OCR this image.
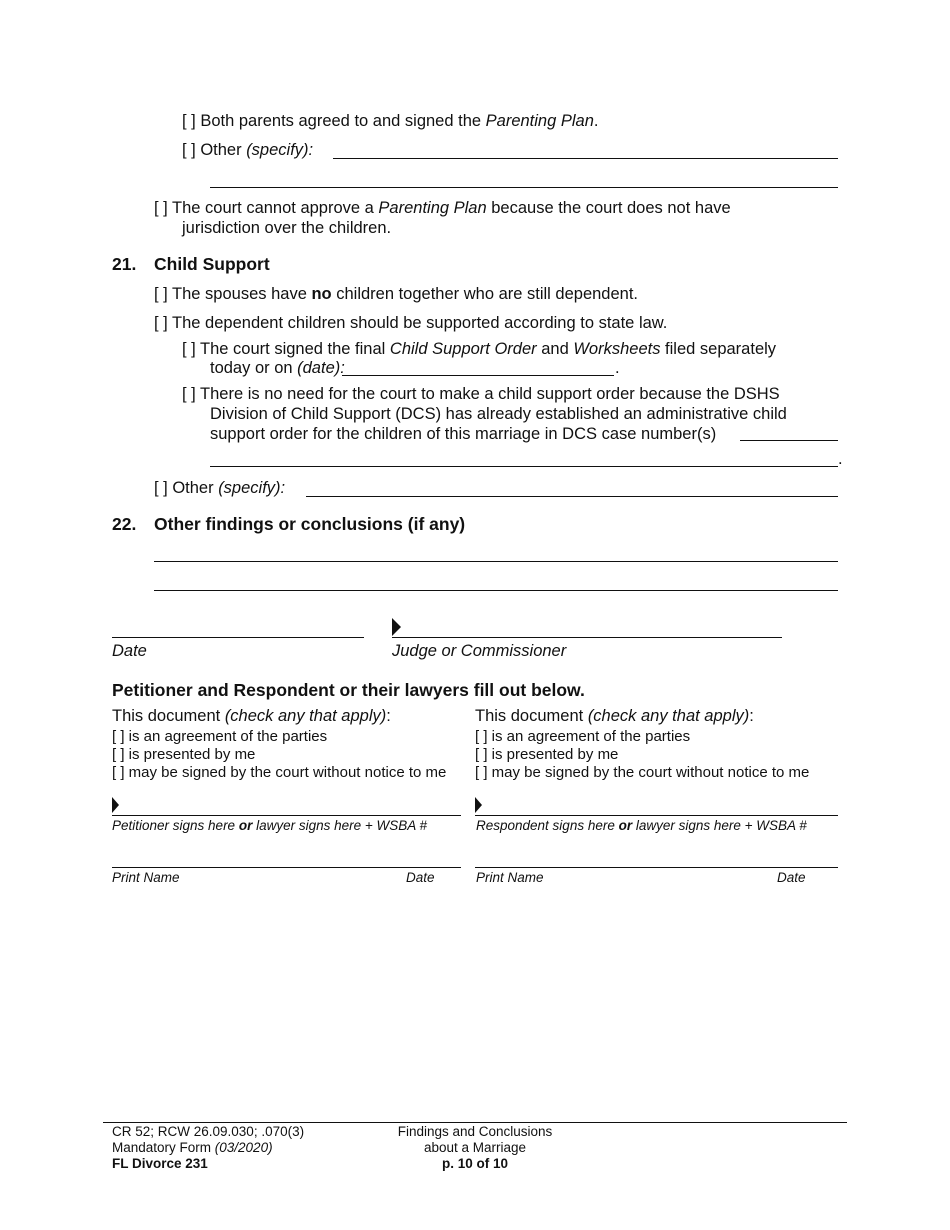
[ ] Both parents agreed to and signed the Parenting Plan.
[ ] Other (specify):
[ ] The court cannot approve a Parenting Plan because the court does not have
jurisdiction over the children.
21. Child Support
[ ] The spouses have no children together who are still dependent.
[ ] The dependent children should be supported according to state law.
[ ] The court signed the final Child Support Order and Worksheets filed separately
today or on (date):	.
[ ] There is no need for the court to make a child support order because the DSHS
Division of Child Support (DCS) has already established an administrative child
support order for the children of this marriage in DCS case number(s)
.
[ ] Other (specify):
22. Other findings or conclusions (if any)
Date	Judge or Commissioner
Petitioner and Respondent or their lawyers fill out below.
This document (check any that apply):
[ ] is an agreement of the parties
[ ] is presented by me
[ ] may be signed by the court without notice to me
Petitioner signs here or lawyer signs here + WSBA #
Print Name	Date
This document (check any that apply):
[ ] is an agreement of the parties
[ ] is presented by me
[ ] may be signed by the court without notice to me
Respondent signs here or lawyer signs here + WSBA #
Print Name	Date
CR 52; RCW 26.09.030; .070(3)
Mandatory Form (03/2020)
FL Divorce 231
Findings and Conclusions
about a Marriage
p. 10 of 10
